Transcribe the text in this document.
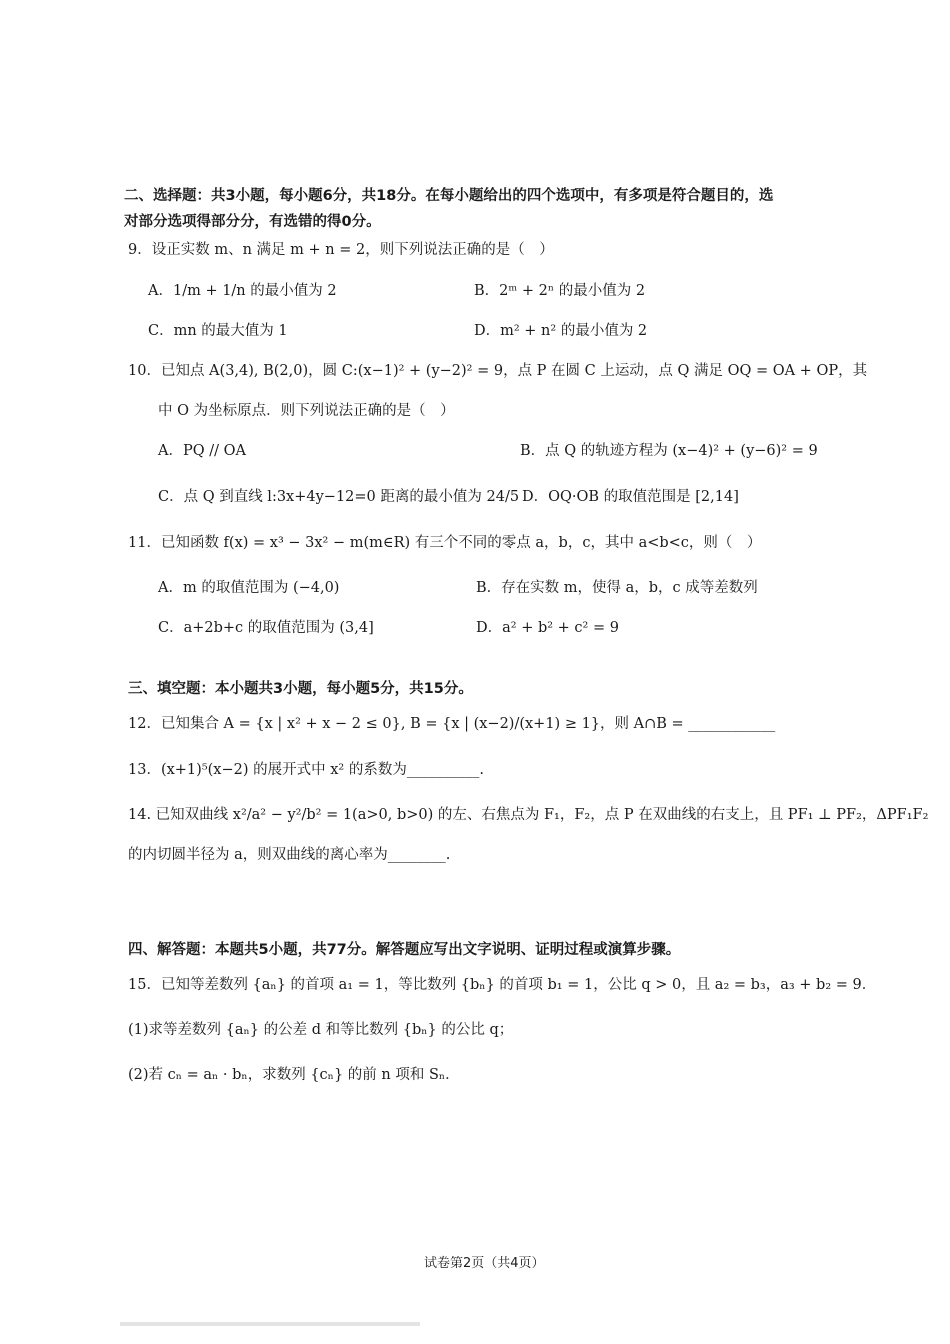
二、选择题：共3小题，每小题6分，共18分。在每小题给出的四个选项中，有多项是符合题目的，选
对部分选项得部分分，有选错的得0分。
9．设正实数 m、n 满足 m + n = 2，则下列说法正确的是（　）
A．1/m + 1/n 的最小值为 2	B．2ᵐ + 2ⁿ 的最小值为 2
C．mn 的最大值为 1	D．m² + n² 的最小值为 2
10．已知点 A(3,4), B(2,0)，圆 C:(x−1)² + (y−2)² = 9，点 P 在圆 C 上运动，点 Q 满足 OQ = OA + OP，其
中 O 为坐标原点．则下列说法正确的是（　）
A．PQ // OA	B．点 Q 的轨迹方程为 (x−4)² + (y−6)² = 9
C．点 Q 到直线 l:3x+4y−12=0 距离的最小值为 24/5 D．OQ·OB 的取值范围是 [2,14]
11．已知函数 f(x) = x³ − 3x² − m(m∈R) 有三个不同的零点 a，b，c，其中 a<b<c，则（　）
A．m 的取值范围为 (−4,0)	B．存在实数 m，使得 a，b，c 成等差数列
C．a+2b+c 的取值范围为 (3,4]	D．a² + b² + c² = 9
三、填空题：本小题共3小题，每小题5分，共15分。
12．已知集合 A = {x | x² + x − 2 ≤ 0}, B = {x | (x−2)/(x+1) ≥ 1}，则 A∩B = ____________
13．(x+1)⁵(x−2) 的展开式中 x² 的系数为__________.
14. 已知双曲线 x²/a² − y²/b² = 1(a>0, b>0) 的左、右焦点为 F₁，F₂，点 P 在双曲线的右支上，且 PF₁ ⊥ PF₂，ΔPF₁F₂
的内切圆半径为 a，则双曲线的离心率为________.
四、解答题：本题共5小题，共77分。解答题应写出文字说明、证明过程或演算步骤。
15．已知等差数列 {aₙ} 的首项 a₁ = 1，等比数列 {bₙ} 的首项 b₁ = 1，公比 q > 0，且 a₂ = b₃，a₃ + b₂ = 9．
(1)求等差数列 {aₙ} 的公差 d 和等比数列 {bₙ} 的公比 q；
(2)若 cₙ = aₙ · bₙ，求数列 {cₙ} 的前 n 项和 Sₙ．
试卷第2页（共4页）
